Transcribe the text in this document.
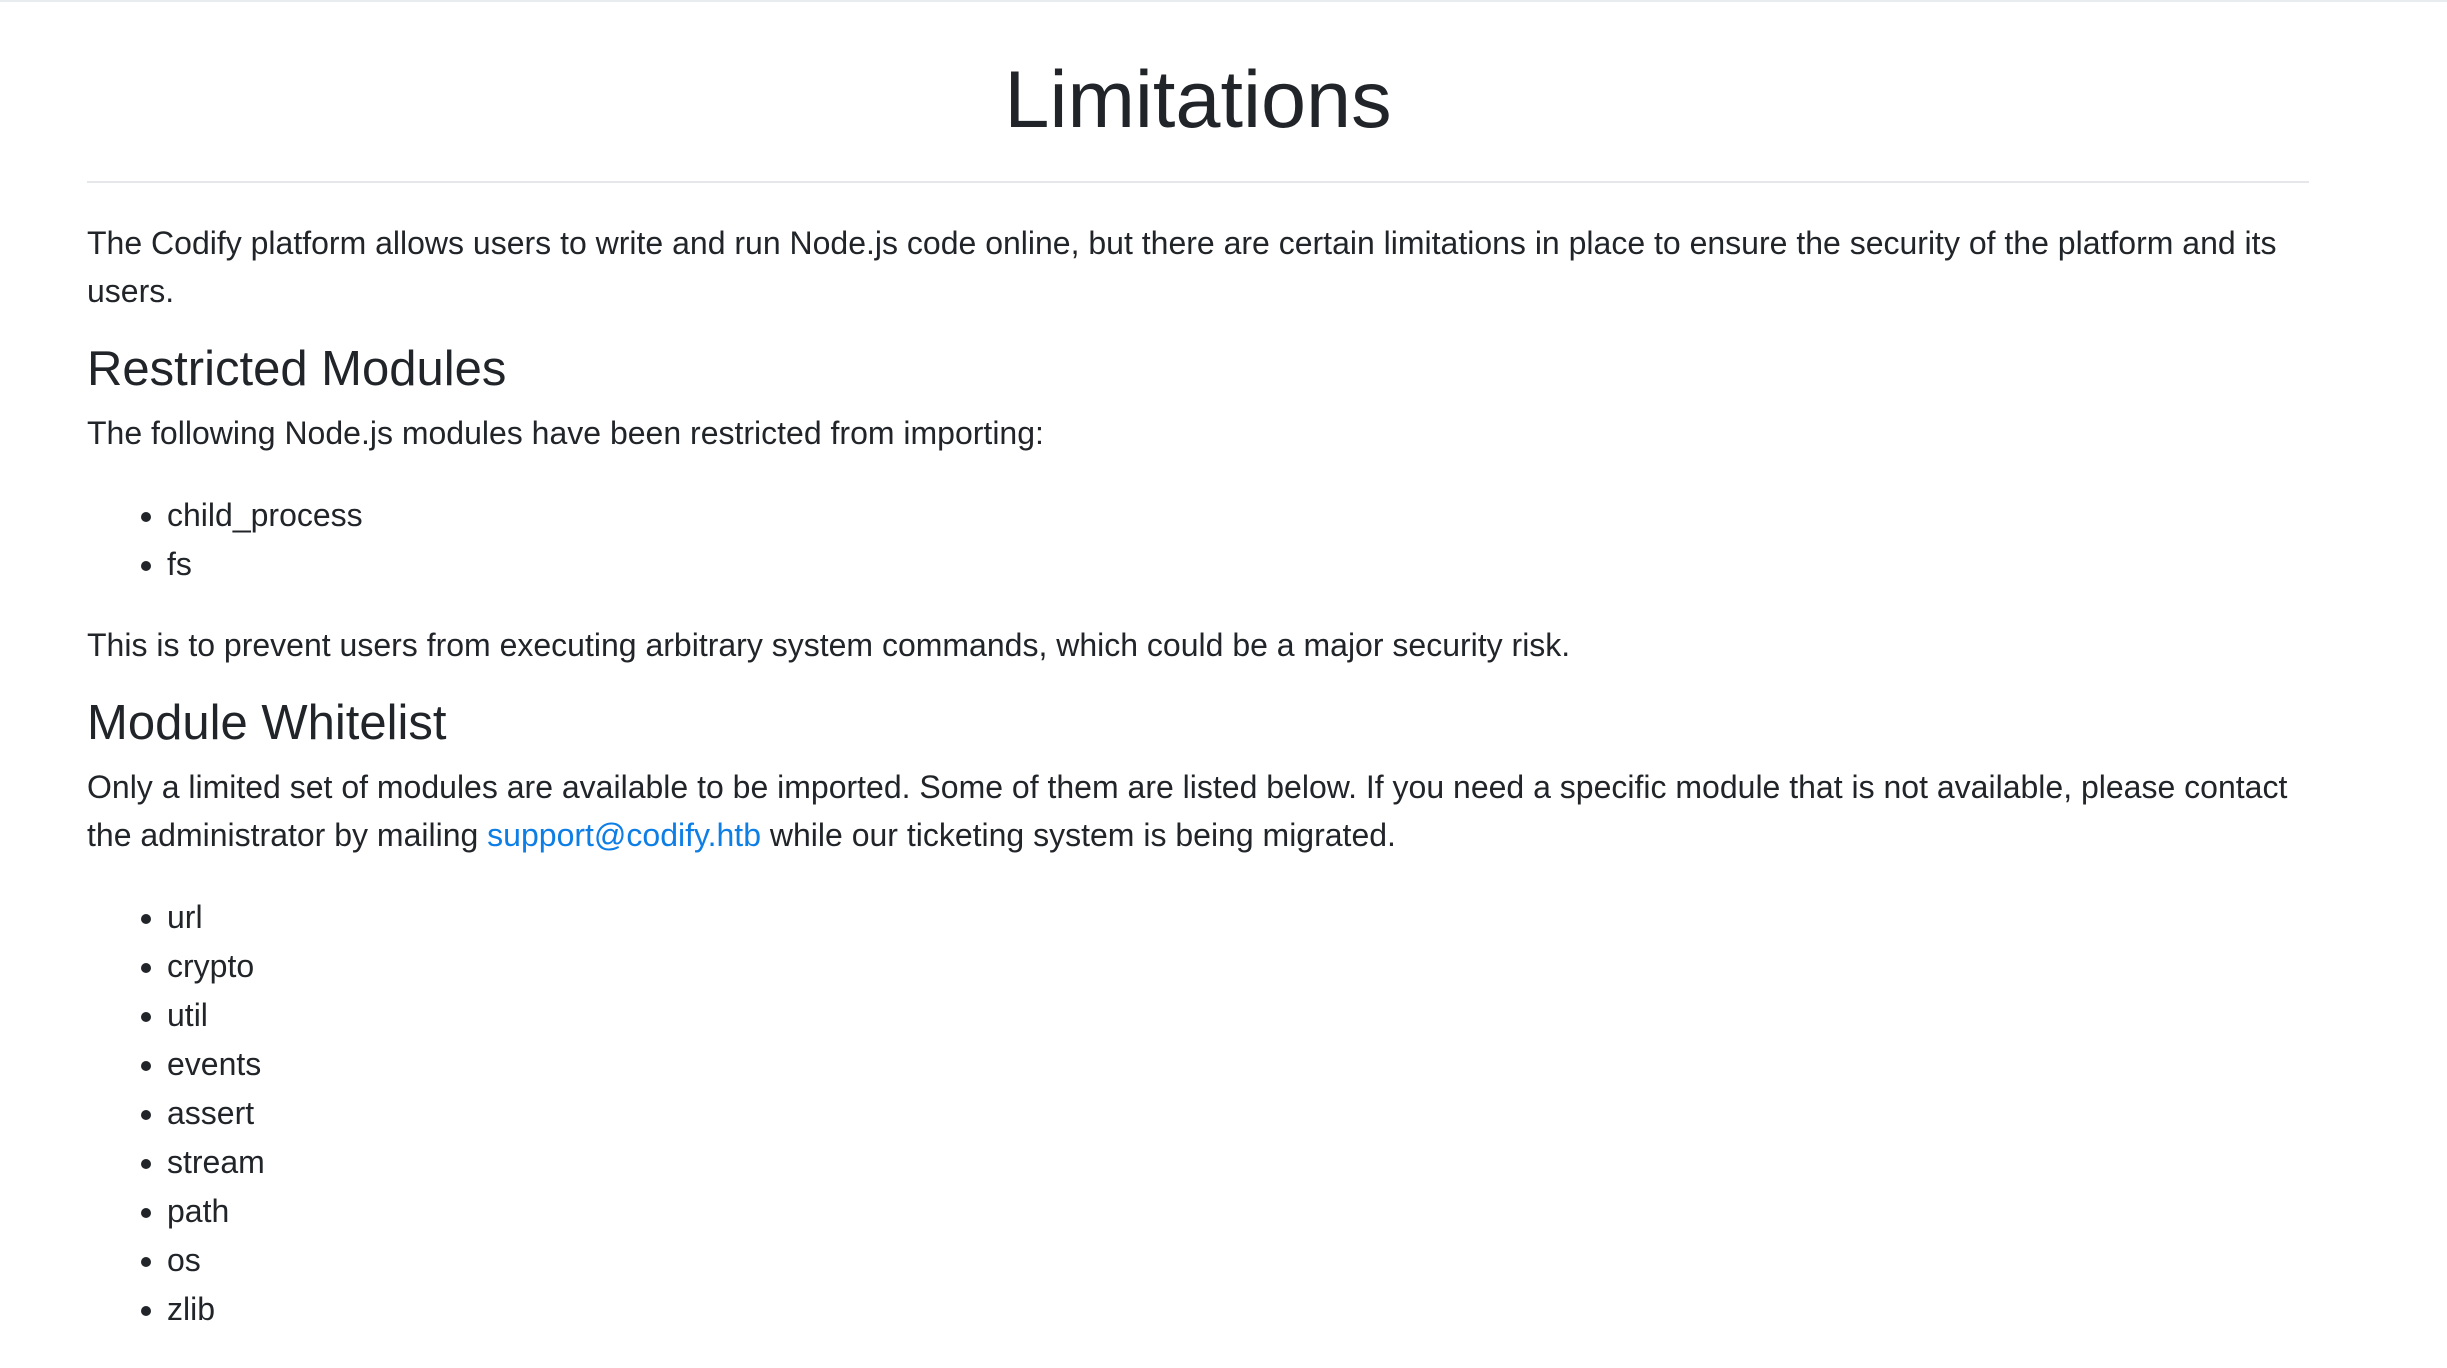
Limitations

The Codify platform allows users to write and run Node.js code online, but there are certain limitations in place to ensure the security of the platform and its users.

Restricted Modules

The following Node.js modules have been restricted from importing:

• child_process
• fs

This is to prevent users from executing arbitrary system commands, which could be a major security risk.

Module Whitelist

Only a limited set of modules are available to be imported. Some of them are listed below. If you need a specific module that is not available, please contact the administrator by mailing support@codify.htb while our ticketing system is being migrated.

• url
• crypto
• util
• events
• assert
• stream
• path
• os
• zlib
